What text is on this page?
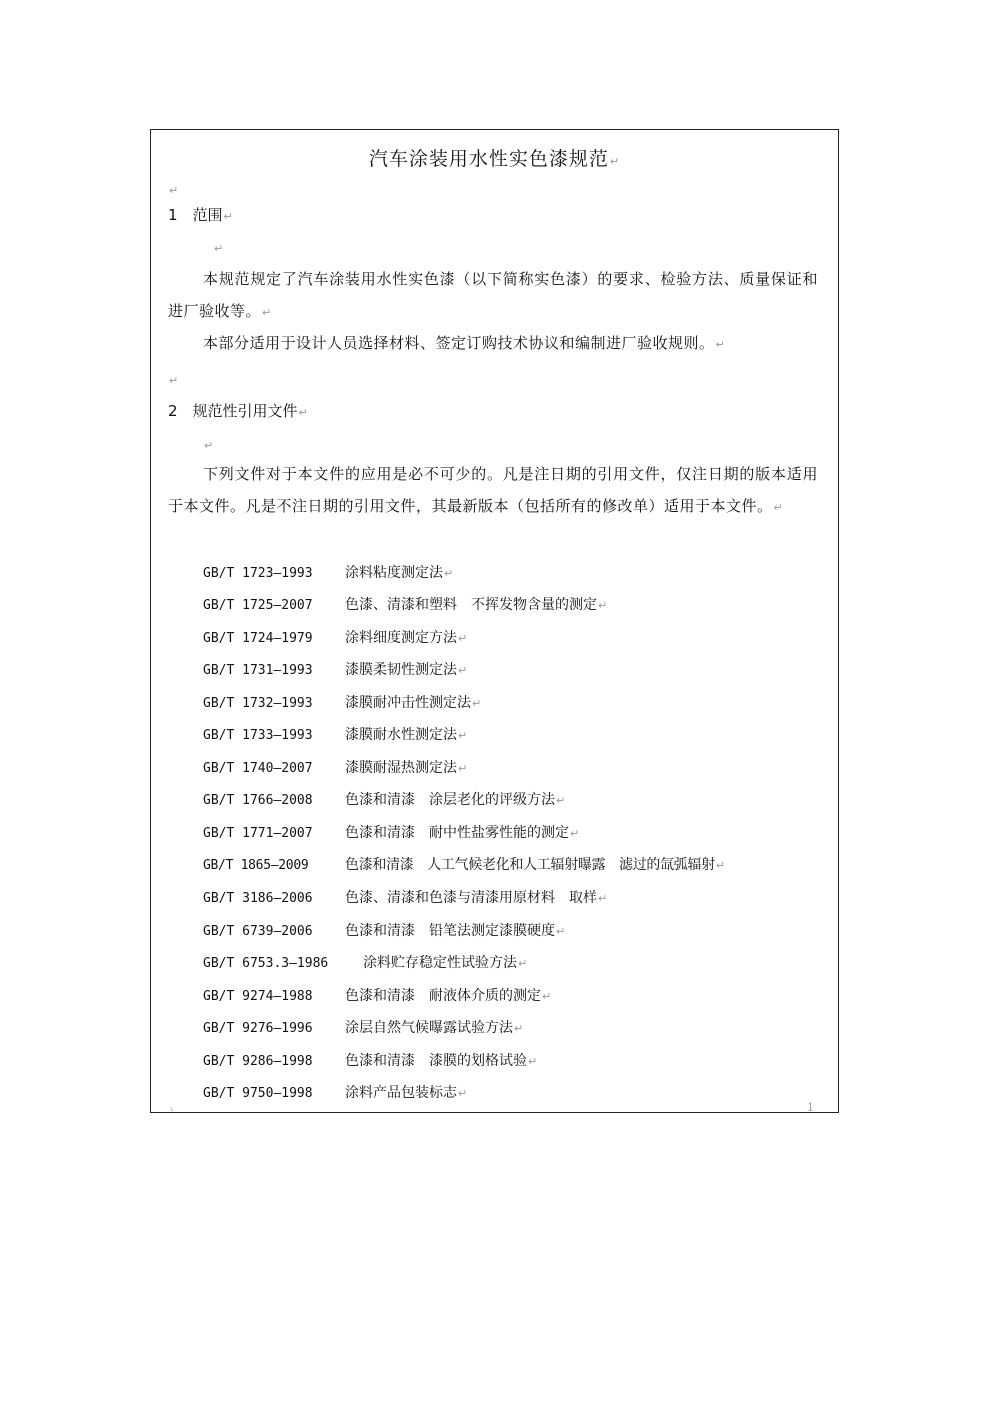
汽车涂装用水性实色漆规范↵
↵
1　范围↵
↵
本规范规定了汽车涂装用水性实色漆（以下简称实色漆）的要求、检验方法、质量保证和进厂验收等。↵
本部分适用于设计人员选择材料、签定订购技术协议和编制进厂验收规则。↵
↵
2　规范性引用文件↵
↵
下列文件对于本文件的应用是必不可少的。凡是注日期的引用文件，仅注日期的版本适用于本文件。凡是不注日期的引用文件，其最新版本（包括所有的修改单）适用于本文件。↵
GB/T 1723—1993 涂料粘度测定法↵
GB/T 1725—2007 色漆、清漆和塑料　不挥发物含量的测定↵
GB/T 1724—1979 涂料细度测定方法↵
GB/T 1731—1993 漆膜柔韧性测定法↵
GB/T 1732—1993 漆膜耐冲击性测定法↵
GB/T 1733—1993 漆膜耐水性测定法↵
GB/T 1740—2007 漆膜耐湿热测定法↵
GB/T 1766—2008 色漆和清漆　涂层老化的评级方法↵
GB/T 1771—2007 色漆和清漆　耐中性盐雾性能的测定↵
GB/T 1865—2009	色漆和清漆　人工气候老化和人工辐射曝露　滤过的氙弧辐射↵
GB/T 3186—2006 色漆、清漆和色漆与清漆用原材料　取样↵
GB/T 6739—2006 色漆和清漆　铅笔法测定漆膜硬度↵
GB/T 6753.3—1986 涂料贮存稳定性试验方法↵
GB/T 9274—1988 色漆和清漆　耐液体介质的测定↵
GB/T 9276—1996 涂层自然气候曝露试验方法↵
GB/T 9286—1998 色漆和清漆　漆膜的划格试验↵
GB/T 9750—1998 涂料产品包装标志↵
˪	1
